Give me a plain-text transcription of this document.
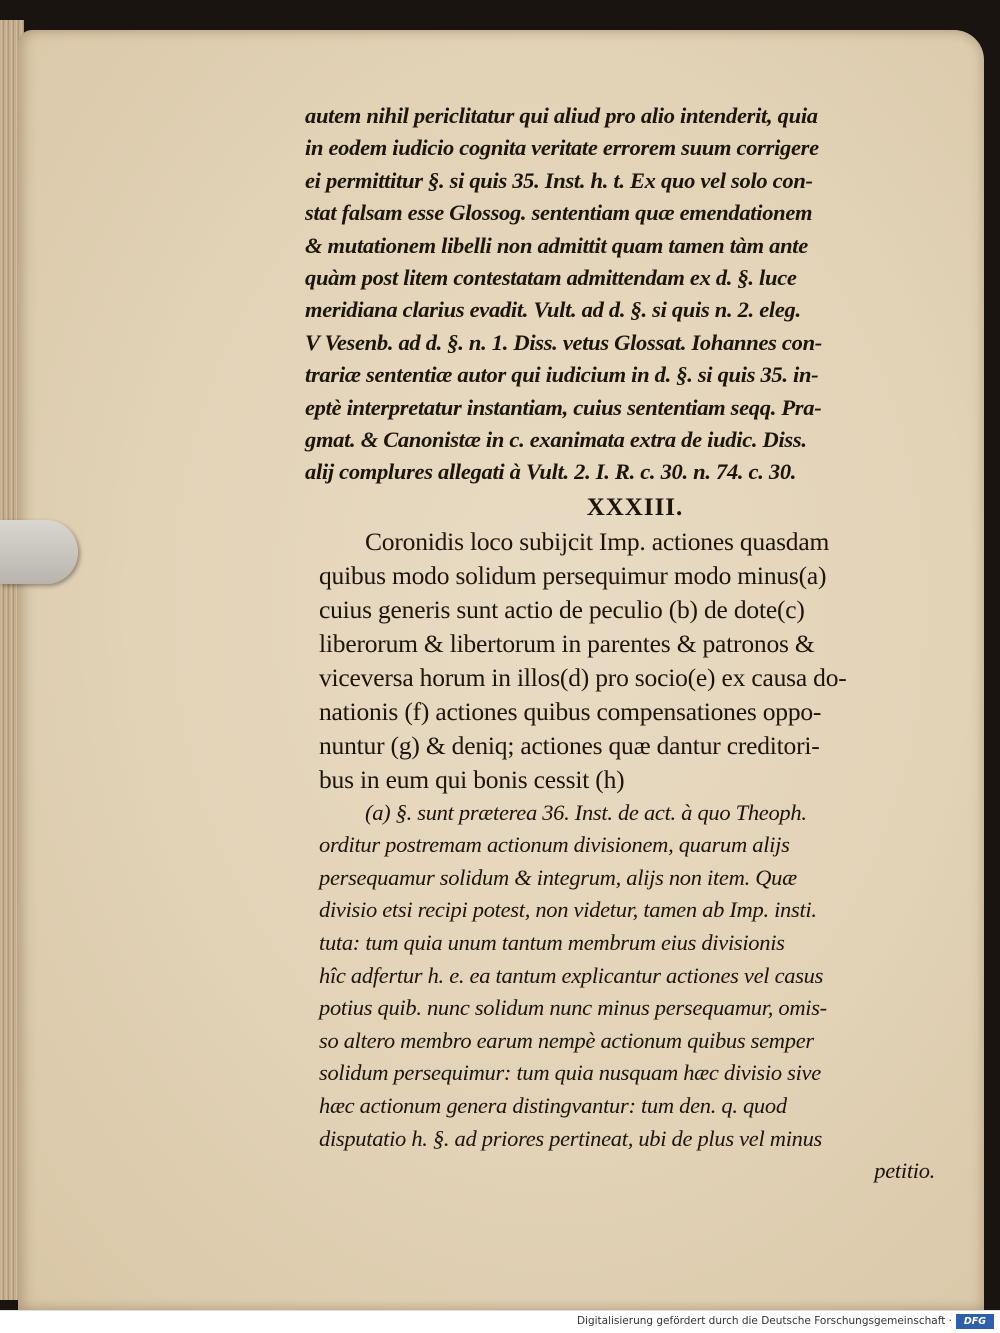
autem nihil periclitatur qui aliud pro alio intenderit, quia
in eodem iudicio cognita veritate errorem suum corrigere
ei permittitur §. si quis 35. Inst. h. t. Ex quo vel solo con-
stat falsam esse Glossog. sententiam quæ emendationem
& mutationem libelli non admittit quam tamen tàm ante
quàm post litem contestatam admittendam ex d. §. luce
meridiana clarius evadit. Vult. ad d. §. si quis n. 2. eleg.
V Vesenb. ad d. §. n. 1. Diss. vetus Glossat. Iohannes con-
trariæ sententiæ autor qui iudicium in d. §. si quis 35. in-
eptè interpretatur instantiam, cuius sententiam seqq. Pra-
gmat. & Canonistæ in c. exanimata extra de iudic. Diss.
alij complures allegati à Vult. 2. I. R. c. 30. n. 74. c. 30.
XXXIII.
Coronidis loco subijcit Imp. actiones quasdam
quibus modo solidum persequimur modo minus(a)
cuius generis sunt actio de peculio (b) de dote(c)
liberorum & libertorum in parentes & patronos &
viceversa horum in illos(d) pro socio(e) ex causa do-
nationis (f) actiones quibus compensationes oppo-
nuntur (g) & deniq; actiones quæ dantur creditori-
bus in eum qui bonis cessit (h)
(a) §. sunt præterea 36. Inst. de act. à quo Theoph.
orditur postremam actionum divisionem, quarum alijs
persequamur solidum & integrum, alijs non item. Quæ
divisio etsi recipi potest, non videtur, tamen ab Imp. insti.
tuta: tum quia unum tantum membrum eius divisionis
hîc adfertur h. e. ea tantum explicantur actiones vel casus
potius quib. nunc solidum nunc minus persequamur, omis-
so altero membro earum nempè actionum quibus semper
solidum persequimur: tum quia nusquam hæc divisio sive
hæc actionum genera distingvantur: tum den. q. quod
disputatio h. §. ad priores pertineat, ubi de plus vel minus
petitio.
Digitalisierung gefördert durch die Deutsche Forschungsgemeinschaft ·	DFG
